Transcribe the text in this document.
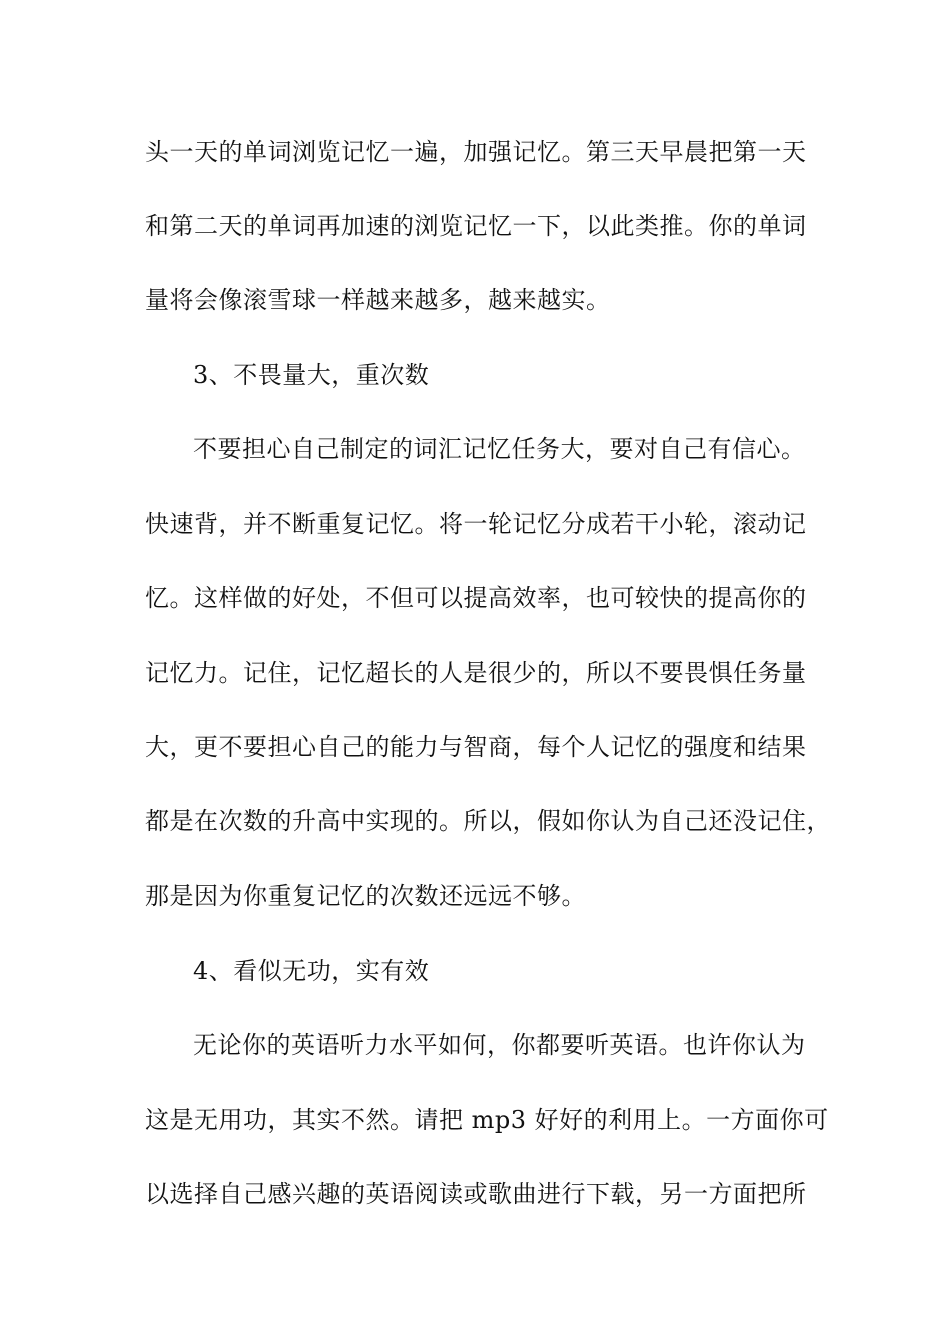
头一天的单词浏览记忆一遍，加强记忆。第三天早晨把第一天
和第二天的单词再加速的浏览记忆一下，以此类推。你的单词
量将会像滚雪球一样越来越多，越来越实。
3、不畏量大，重次数
不要担心自己制定的词汇记忆任务大，要对自己有信心。
快速背，并不断重复记忆。将一轮记忆分成若干小轮，滚动记
忆。这样做的好处，不但可以提高效率，也可较快的提高你的
记忆力。记住，记忆超长的人是很少的，所以不要畏惧任务量
大，更不要担心自己的能力与智商，每个人记忆的强度和结果
都是在次数的升高中实现的。所以，假如你认为自己还没记住，
那是因为你重复记忆的次数还远远不够。
4、看似无功，实有效
无论你的英语听力水平如何，你都要听英语。也许你认为
这是无用功，其实不然。请把 mp3 好好的利用上。一方面你可
以选择自己感兴趣的英语阅读或歌曲进行下载，另一方面把所
